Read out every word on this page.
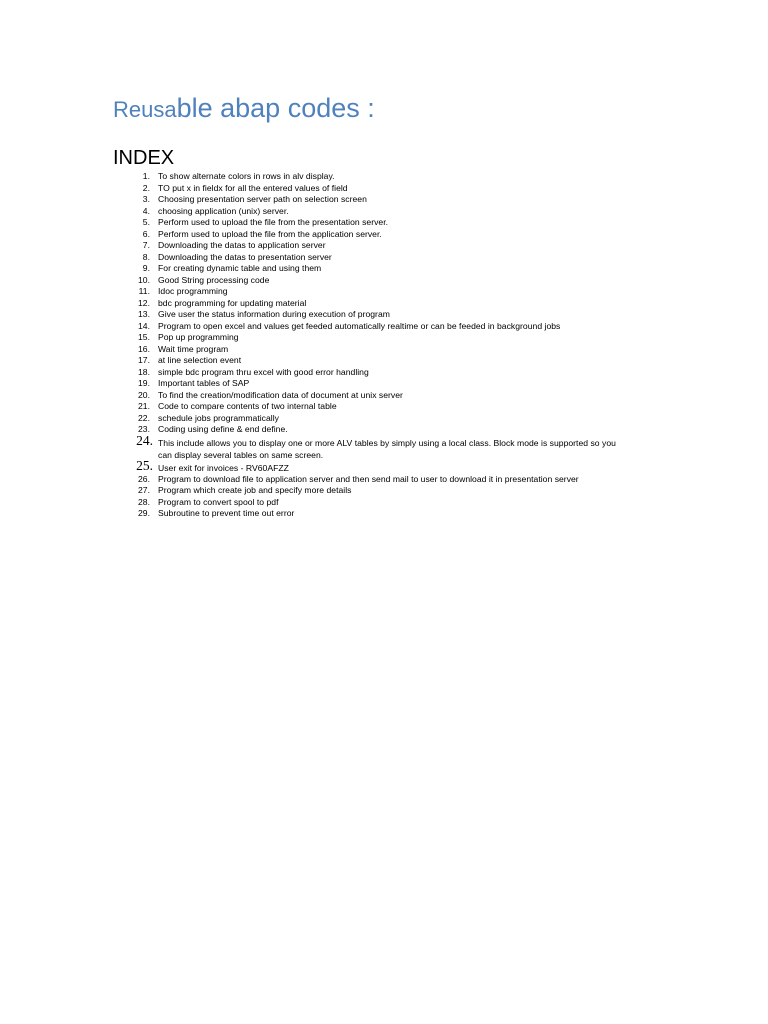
Reusable abap codes :
INDEX
1. To show alternate colors in rows in alv display.
2. TO put x in fieldx for all the entered values of field
3. Choosing presentation server path on selection screen
4. choosing application (unix) server.
5. Perform used to upload the file from the presentation server.
6. Perform used to upload the file from the application server.
7. Downloading the datas to application server
8. Downloading the datas to presentation server
9. For creating dynamic table and using them
10. Good String processing code
11. Idoc programming
12. bdc programming for updating material
13. Give user the status information during execution of program
14. Program to open excel and values get feeded automatically realtime or can be feeded in background jobs
15. Pop up programming
16. Wait time program
17. at line selection event
18. simple bdc program thru excel with good error handling
19. Important tables of SAP
20. To find the creation/modification data of document at unix server
21. Code to compare contents of two internal table
22. schedule jobs programmatically
23. Coding using define & end define.
24. This include allows you to display one or more ALV tables by simply using a local class. Block mode is supported so you can display several tables on same screen.
25. User exit for invoices - RV60AFZZ
26. Program to download file to application server and then send mail to user to download it in presentation server
27. Program which create job and specify more details
28. Program to convert spool to pdf
29. Subroutine to prevent time out error
